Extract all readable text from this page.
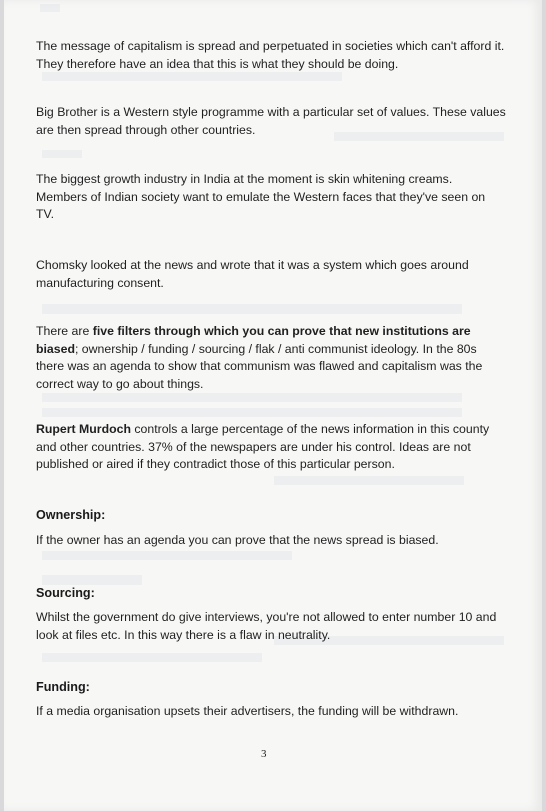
The message of capitalism is spread and perpetuated in societies which can't afford it. They therefore have an idea that this is what they should be doing.

Big Brother is a Western style programme with a particular set of values. These values are then spread through other countries.

The biggest growth industry in India at the moment is skin whitening creams. Members of Indian society want to emulate the Western faces that they've seen on TV.

Chomsky looked at the news and wrote that it was a system which goes around manufacturing consent.

There are five filters through which you can prove that new institutions are biased; ownership / funding / sourcing / flak / anti communist ideology. In the 80s there was an agenda to show that communism was flawed and capitalism was the correct way to go about things.

Rupert Murdoch controls a large percentage of the news information in this county and other countries. 37% of the newspapers are under his control. Ideas are not published or aired if they contradict those of this particular person.

Ownership:

If the owner has an agenda you can prove that the news spread is biased.

Sourcing:

Whilst the government do give interviews, you're not allowed to enter number 10 and look at files etc. In this way there is a flaw in neutrality.

Funding:

If a media organisation upsets their advertisers, the funding will be withdrawn.

3
